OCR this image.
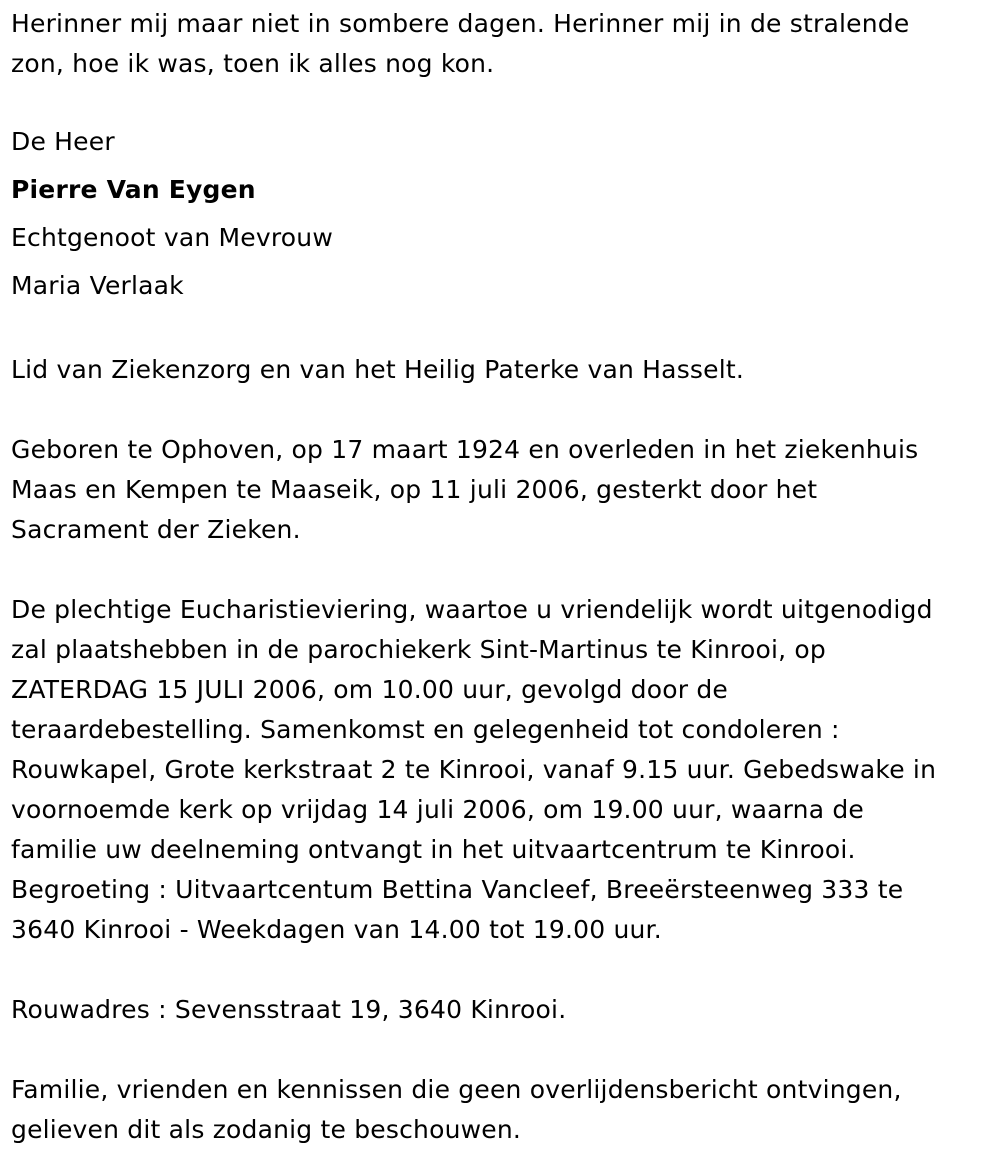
Herinner mij maar niet in sombere dagen. Herinner mij in de stralende
zon, hoe ik was, toen ik alles nog kon.

De Heer
Pierre Van Eygen
Echtgenoot van Mevrouw
Maria Verlaak

Lid van Ziekenzorg en van het Heilig Paterke van Hasselt.

Geboren te Ophoven, op 17 maart 1924 en overleden in het ziekenhuis
Maas en Kempen te Maaseik, op 11 juli 2006, gesterkt door het
Sacrament der Zieken.

De plechtige Eucharistieviering, waartoe u vriendelijk wordt uitgenodigd
zal plaatshebben in de parochiekerk Sint-Martinus te Kinrooi, op
ZATERDAG 15 JULI 2006, om 10.00 uur, gevolgd door de
teraardebestelling. Samenkomst en gelegenheid tot condoleren :
Rouwkapel, Grote kerkstraat 2 te Kinrooi, vanaf 9.15 uur. Gebedswake in
voornoemde kerk op vrijdag 14 juli 2006, om 19.00 uur, waarna de
familie uw deelneming ontvangt in het uitvaartcentrum te Kinrooi.
Begroeting : Uitvaartcentum Bettina Vancleef, Breeërsteenweg 333 te
3640 Kinrooi - Weekdagen van 14.00 tot 19.00 uur.

Rouwadres : Sevensstraat 19, 3640 Kinrooi.

Familie, vrienden en kennissen die geen overlijdensbericht ontvingen,
gelieven dit als zodanig te beschouwen.
